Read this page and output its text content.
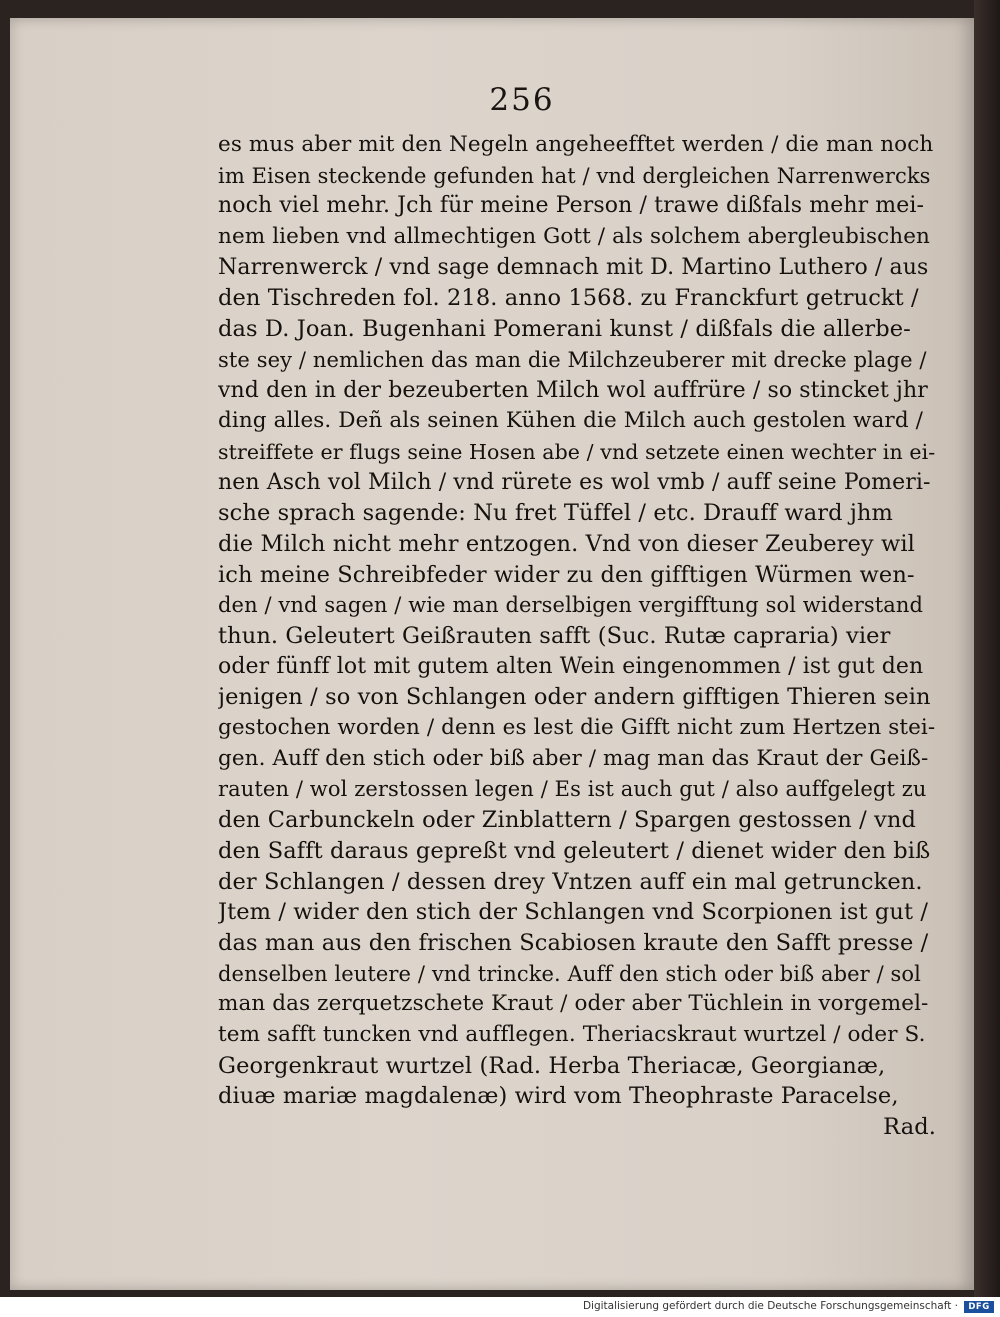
256
es mus aber mit den Negeln angeheefftet werden / die man noch
im Eisen steckende gefunden hat / vnd dergleichen Narrenwercks
noch viel mehr. Jch für meine Person / trawe dißfals mehr mei-
nem lieben vnd allmechtigen Gott / als solchem abergleubischen
Narrenwerck / vnd sage demnach mit D. Martino Luthero / aus
den Tischreden fol. 218. anno 1568. zu Franckfurt getruckt /
das D. Joan. Bugenhani Pomerani kunst / dißfals die allerbe-
ste sey / nemlichen das man die Milchzeuberer mit drecke plage /
vnd den in der bezeuberten Milch wol auffrüre / so stincket jhr
ding alles. Deñ als seinen Kühen die Milch auch gestolen ward /
streiffete er flugs seine Hosen abe / vnd setzete einen wechter in ei-
nen Asch vol Milch / vnd rürete es wol vmb / auff seine Pomeri-
sche sprach sagende: Nu fret Tüffel / etc. Drauff ward jhm
die Milch nicht mehr entzogen. Vnd von dieser Zeuberey wil
ich meine Schreibfeder wider zu den gifftigen Würmen wen-
den / vnd sagen / wie man derselbigen vergifftung sol widerstand
thun. Geleutert Geißrauten safft (Suc. Rutæ capraria) vier
oder fünff lot mit gutem alten Wein eingenommen / ist gut den
jenigen / so von Schlangen oder andern gifftigen Thieren sein
gestochen worden / denn es lest die Gifft nicht zum Hertzen stei-
gen. Auff den stich oder biß aber / mag man das Kraut der Geiß-
rauten / wol zerstossen legen / Es ist auch gut / also auffgelegt zu
den Carbunckeln oder Zinblattern / Spargen gestossen / vnd
den Safft daraus gepreßt vnd geleutert / dienet wider den biß
der Schlangen / dessen drey Vntzen auff ein mal getruncken.
Jtem / wider den stich der Schlangen vnd Scorpionen ist gut /
das man aus den frischen Scabiosen kraute den Safft presse /
denselben leutere / vnd trincke. Auff den stich oder biß aber / sol
man das zerquetzschete Kraut / oder aber Tüchlein in vorgemel-
tem safft tuncken vnd aufflegen. Theriacskraut wurtzel / oder S.
Georgenkraut wurtzel (Rad. Herba Theriacæ, Georgianæ,
diuæ mariæ magdalenæ) wird vom Theophraste Paracelse,
Rad.
Digitalisierung gefördert durch die Deutsche Forschungsgemeinschaft ·	DFG
